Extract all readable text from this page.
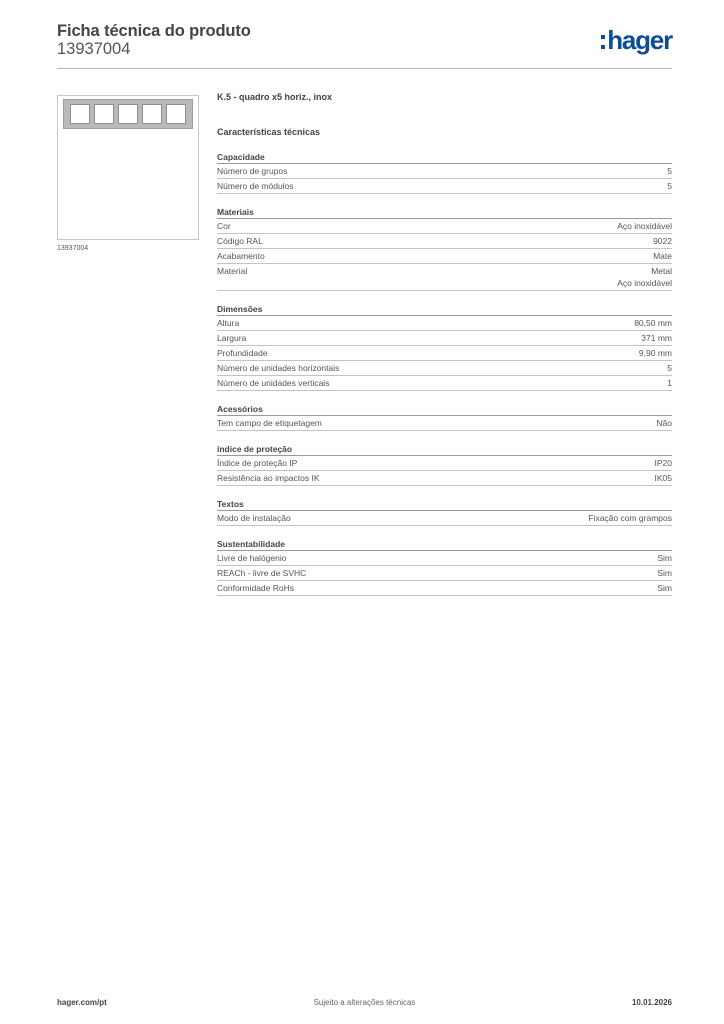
Ficha técnica do produto
13937004	hager
13937004
K.5 - quadro x5 horiz., inox
Características técnicas
Capacidade
Número de grupos	5
Número de módulos	5
Materiais
Cor	Aço inoxidável
Código RAL	9022
Acabamento	Mate
Material	Metal
Aço inoxidável
Dimensões
Altura	80,50 mm
Largura	371 mm
Profundidade	9,90 mm
Número de unidades horizontais	5
Número de unidades verticais	1
Acessórios
Tem campo de etiquetagem	Não
índice de proteção
Índice de proteção IP	IP20
Resistência ao impactos IK	IK05
Textos
Modo de instalação	Fixação com grampos
Sustentabilidade
Livre de halógenio	Sim
REACh - livre de SVHC	Sim
Conformidade RoHs	Sim
hager.com/pt	Sujeito a alterações técnicas	10.01.2026
